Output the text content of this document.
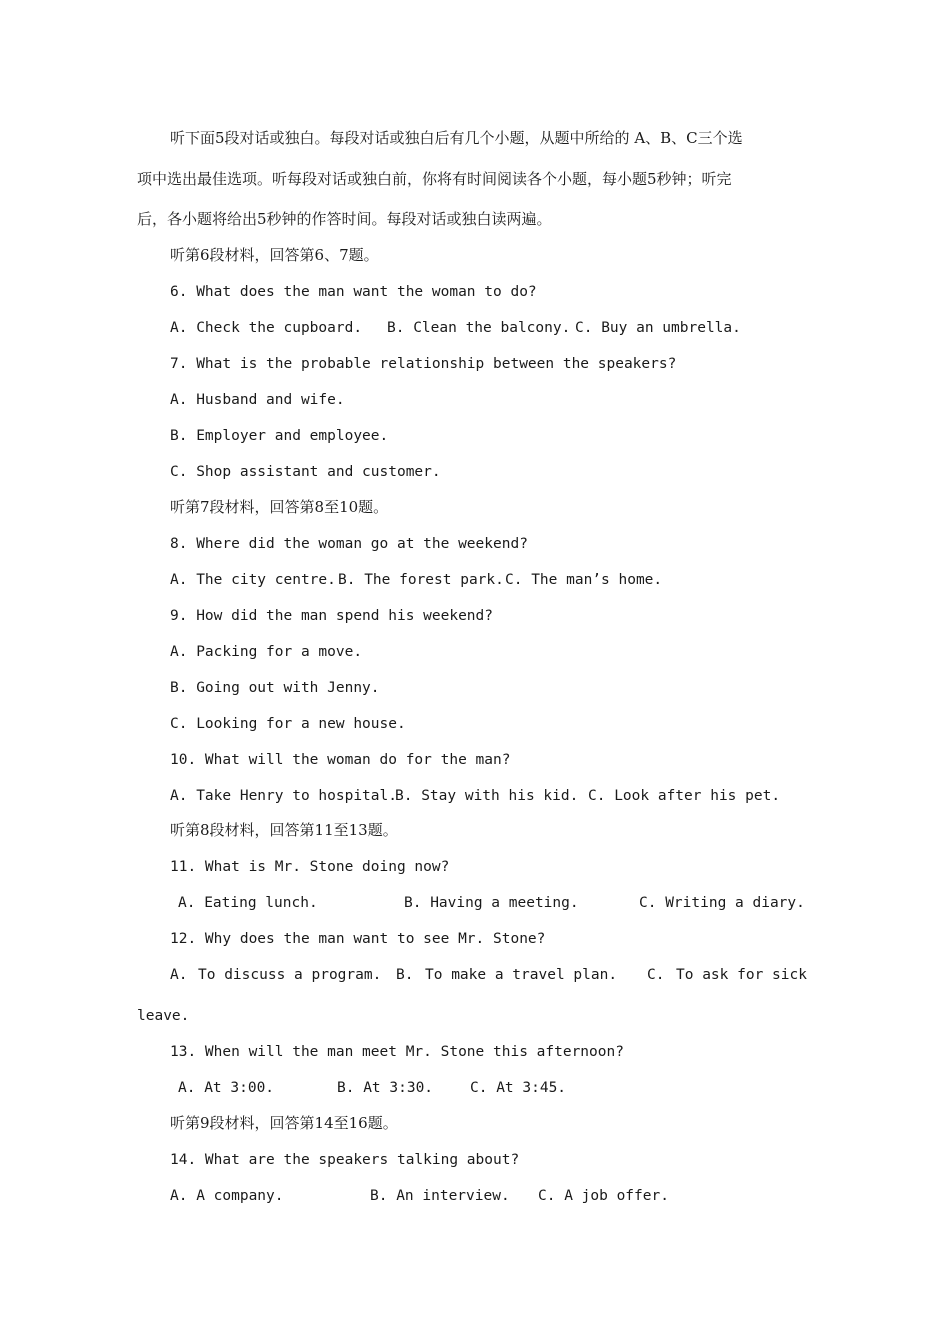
听下面5段对话或独白。每段对话或独白后有几个小题，从题中所给的 A、B、C三个选
项中选出最佳选项。听每段对话或独白前，你将有时间阅读各个小题，每小题5秒钟；听完
后，各小题将给出5秒钟的作答时间。每段对话或独白读两遍。
听第6段材料，回答第6、7题。
6. What does the man want the woman to do?
A. Check the cupboard. B. Clean the balcony. C. Buy an umbrella.
7. What is the probable relationship between the speakers?
A. Husband and wife.
B. Employer and employee.
C. Shop assistant and customer.
听第7段材料，回答第8至10题。
8. Where did the woman go at the weekend?
A. The city centre. B. The forest park. C. The man’s home.
9. How did the man spend his weekend?
A. Packing for a move.
B. Going out with Jenny.
C. Looking for a new house.
10. What will the woman do for the man?
A. Take Henry to hospital.
B. Stay with his kid. C. Look after his pet.
听第8段材料，回答第11至13题。
11. What is Mr. Stone doing now?
A. Eating lunch.	B. Having a meeting.	C. Writing a diary.
12. Why does the man want to see Mr. Stone?
A. To discuss a program. B. To make a travel plan. C. To ask for sick
leave.
13. When will the man meet Mr. Stone this afternoon?
A. At 3:00.	B. At 3:30.	C. At 3:45.
听第9段材料，回答第14至16题。
14. What are the speakers talking about?
A. A company.	B. An interview. C. A job offer.
